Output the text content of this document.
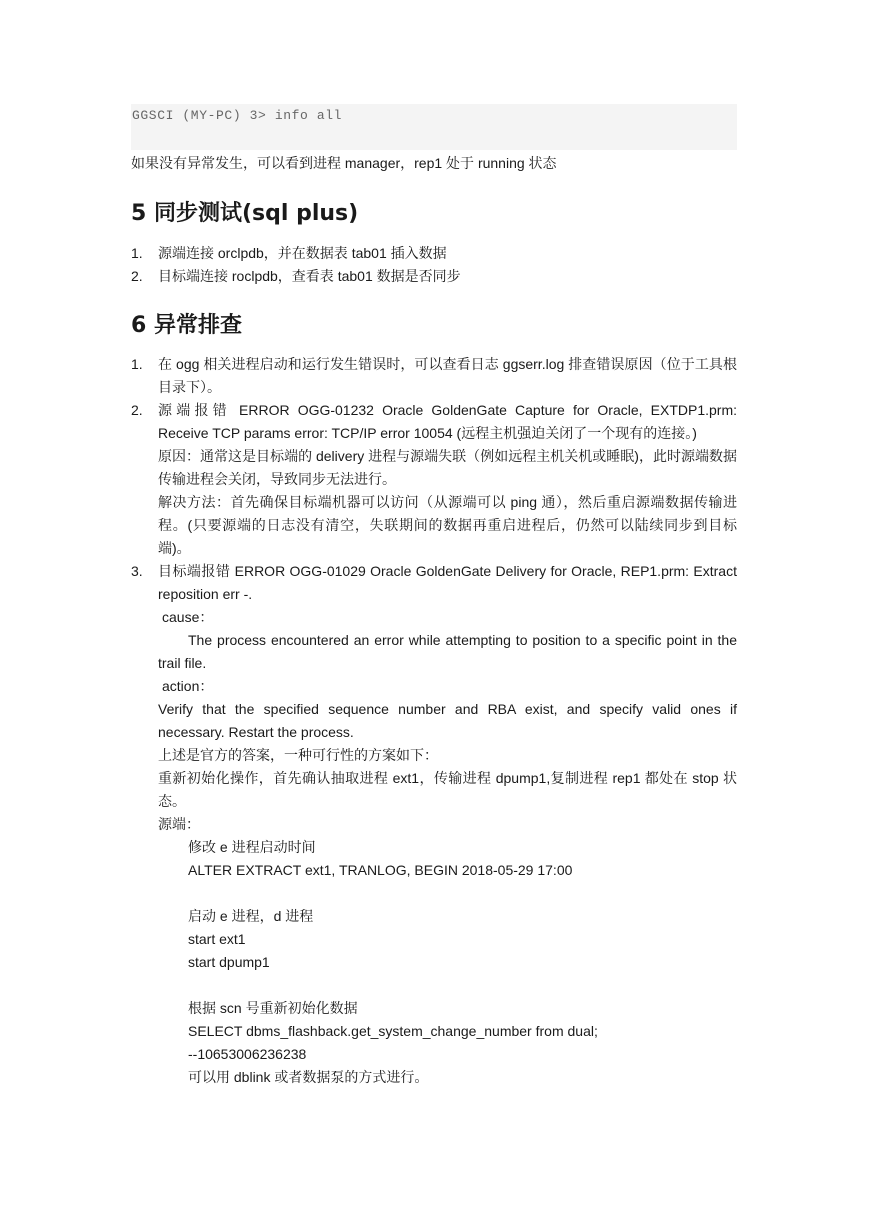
GGSCI (MY-PC) 3> info all
如果没有异常发生，可以看到进程 manager，rep1 处于 running 状态
5 同步测试(sql plus)
1. 源端连接 orclpdb，并在数据表 tab01 插入数据
2. 目标端连接 roclpdb，查看表 tab01 数据是否同步
6 异常排查
1. 在 ogg 相关进程启动和运行发生错误时，可以查看日志 ggserr.log 排查错误原因（位于工具根目录下）。
2. 源端报错 ERROR OGG-01232 Oracle GoldenGate Capture for Oracle, EXTDP1.prm: Receive TCP params error: TCP/IP error 10054 (远程主机强迫关闭了一个现有的连接。)
原因：通常这是目标端的 delivery 进程与源端失联（例如远程主机关机或睡眠)，此时源端数据传输进程会关闭，导致同步无法进行。
解决方法：首先确保目标端机器可以访问（从源端可以 ping 通），然后重启源端数据传输进程。(只要源端的日志没有清空，失联期间的数据再重启进程后，仍然可以陆续同步到目标端)。
3. 目标端报错 ERROR OGG-01029 Oracle GoldenGate Delivery for Oracle, REP1.prm: Extract reposition err -.
cause：
The process encountered an error while attempting to position to a specific point in the trail file.
action：
Verify that the specified sequence number and RBA exist, and specify valid ones if necessary. Restart the process.
上述是官方的答案，一种可行性的方案如下：
重新初始化操作，首先确认抽取进程 ext1，传输进程 dpump1,复制进程 rep1 都处在 stop 状态。
源端：
修改 e 进程启动时间
ALTER EXTRACT ext1, TRANLOG, BEGIN 2018-05-29 17:00
启动 e 进程，d 进程
start ext1
start dpump1
根据 scn 号重新初始化数据
SELECT dbms_flashback.get_system_change_number from dual;
--10653006236238
可以用 dblink 或者数据泵的方式进行。
